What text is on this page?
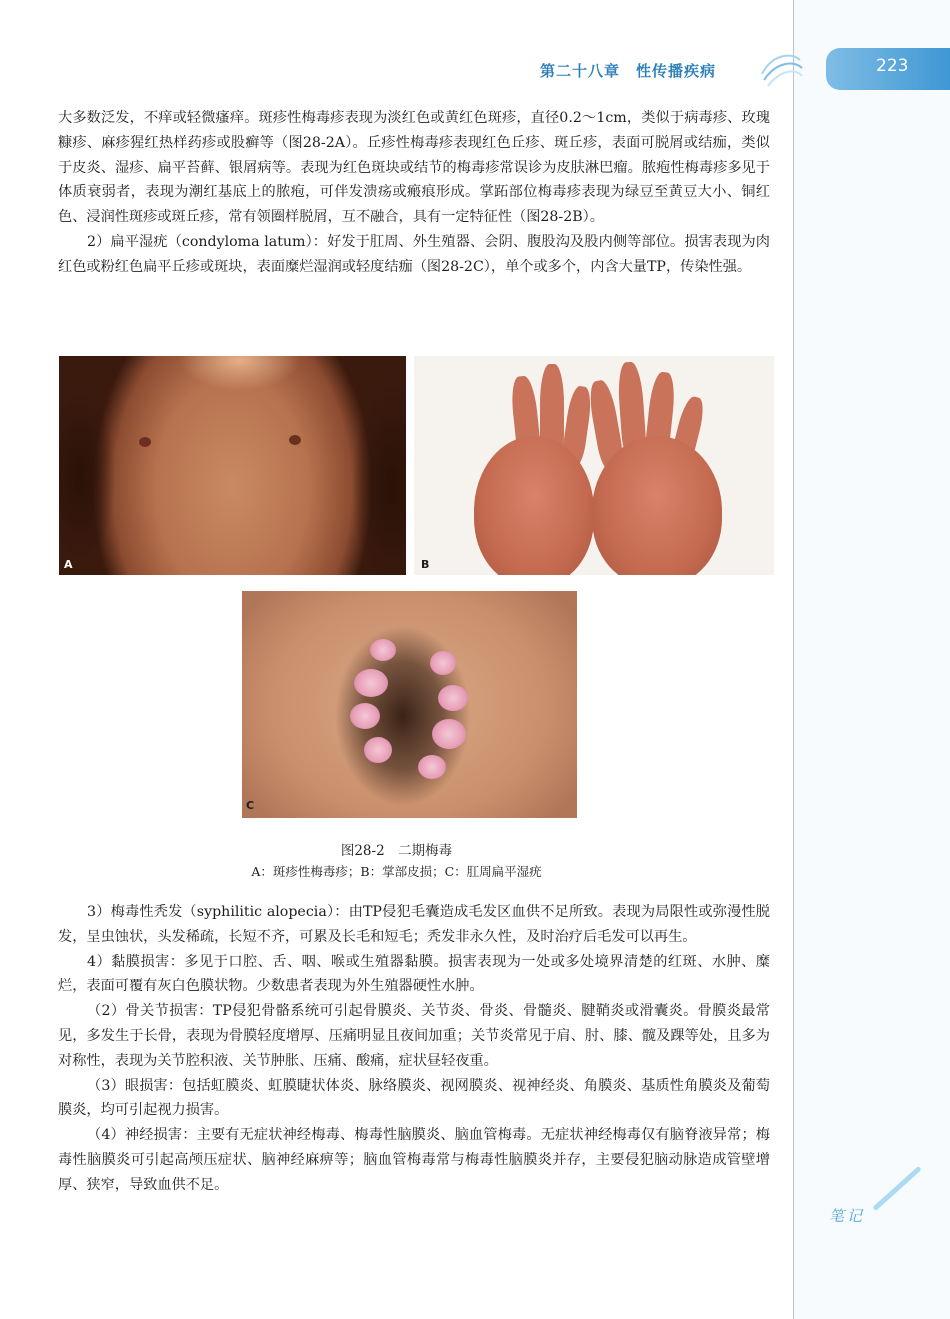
第二十八章　性传播疾病	223

大多数泛发，不痒或轻微瘙痒。斑疹性梅毒疹表现为淡红色或黄红色斑疹，直径0.2～1cm，类似于病毒疹、玫瑰糠疹、麻疹猩红热样药疹或股癣等（图28-2A）。丘疹性梅毒疹表现红色丘疹、斑丘疹，表面可脱屑或结痂，类似于皮炎、湿疹、扁平苔藓、银屑病等。表现为红色斑块或结节的梅毒疹常误诊为皮肤淋巴瘤。脓疱性梅毒疹多见于体质衰弱者，表现为潮红基底上的脓疱，可伴发溃疡或瘢痕形成。掌跖部位梅毒疹表现为绿豆至黄豆大小、铜红色、浸润性斑疹或斑丘疹，常有领圈样脱屑，互不融合，具有一定特征性（图28-2B）。

2）扁平湿疣（condyloma latum）：好发于肛周、外生殖器、会阴、腹股沟及股内侧等部位。损害表现为肉红色或粉红色扁平丘疹或斑块，表面糜烂湿润或轻度结痂（图28-2C），单个或多个，内含大量TP，传染性强。

A	B
C
图28-2　二期梅毒
A：斑疹性梅毒疹；B：掌部皮损；C：肛周扁平湿疣

3）梅毒性秃发（syphilitic alopecia）：由TP侵犯毛囊造成毛发区血供不足所致。表现为局限性或弥漫性脱发，呈虫蚀状，头发稀疏，长短不齐，可累及长毛和短毛；秃发非永久性，及时治疗后毛发可以再生。

4）黏膜损害：多见于口腔、舌、咽、喉或生殖器黏膜。损害表现为一处或多处境界清楚的红斑、水肿、糜烂，表面可覆有灰白色膜状物。少数患者表现为外生殖器硬性水肿。

（2）骨关节损害：TP侵犯骨骼系统可引起骨膜炎、关节炎、骨炎、骨髓炎、腱鞘炎或滑囊炎。骨膜炎最常见，多发生于长骨，表现为骨膜轻度增厚、压痛明显且夜间加重；关节炎常见于肩、肘、膝、髋及踝等处，且多为对称性，表现为关节腔积液、关节肿胀、压痛、酸痛，症状昼轻夜重。

（3）眼损害：包括虹膜炎、虹膜睫状体炎、脉络膜炎、视网膜炎、视神经炎、角膜炎、基质性角膜炎及葡萄膜炎，均可引起视力损害。

（4）神经损害：主要有无症状神经梅毒、梅毒性脑膜炎、脑血管梅毒。无症状神经梅毒仅有脑脊液异常；梅毒性脑膜炎可引起高颅压症状、脑神经麻痹等；脑血管梅毒常与梅毒性脑膜炎并存，主要侵犯脑动脉造成管壁增厚、狭窄，导致血供不足。

笔记
